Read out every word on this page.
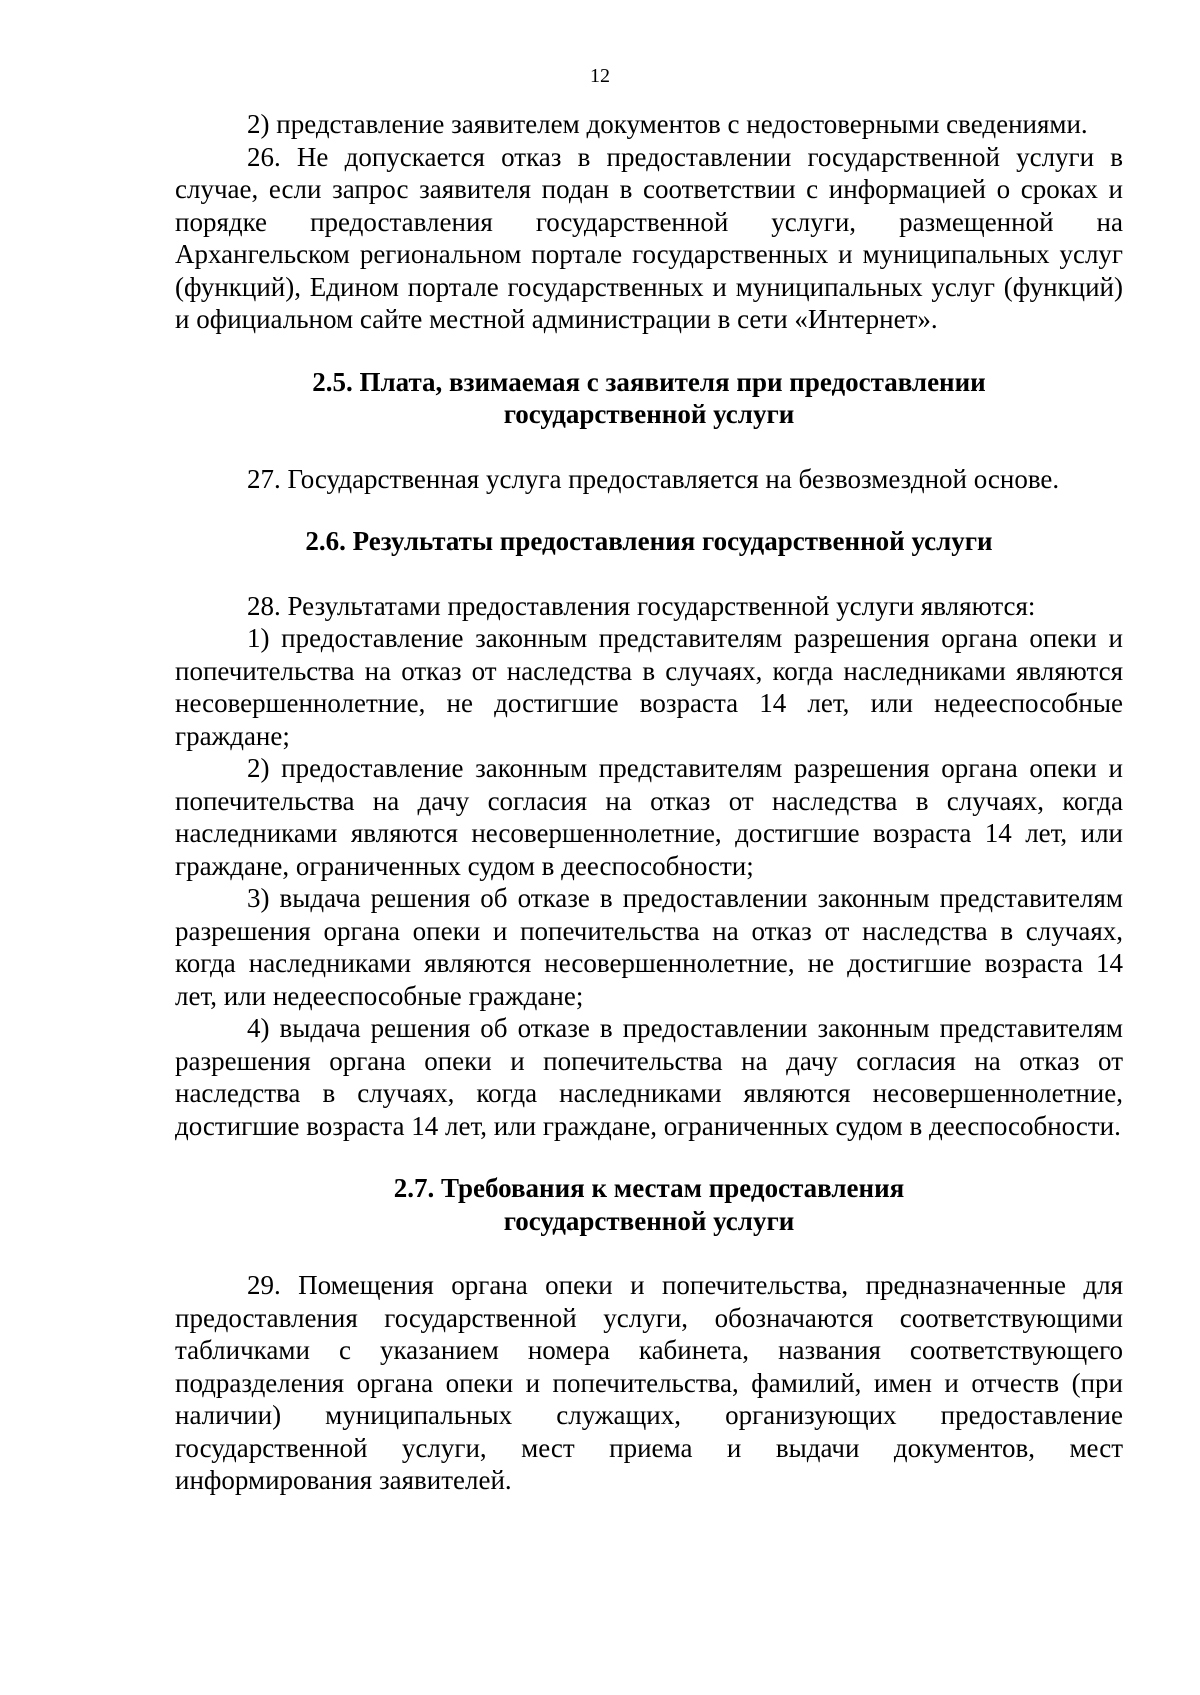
12

2) представление заявителем документов с недостоверными сведениями.

26. Не допускается отказ в предоставлении государственной услуги в случае, если запрос заявителя подан в соответствии с информацией о сроках и порядке предоставления государственной услуги, размещенной на Архангельском региональном портале государственных и муниципальных услуг (функций), Едином портале государственных и муниципальных услуг (функций) и официальном сайте местной администрации в сети «Интернет».

2.5. Плата, взимаемая с заявителя при предоставлении
государственной услуги

27. Государственная услуга предоставляется на безвозмездной основе.

2.6. Результаты предоставления государственной услуги

28. Результатами предоставления государственной услуги являются:

1) предоставление законным представителям разрешения органа опеки и попечительства на отказ от наследства в случаях, когда наследниками являются несовершеннолетние, не достигшие возраста 14 лет, или недееспособные граждане;

2) предоставление законным представителям разрешения органа опеки и попечительства на дачу согласия на отказ от наследства в случаях, когда наследниками являются несовершеннолетние, достигшие возраста 14 лет, или граждане, ограниченных судом в дееспособности;

3) выдача решения об отказе в предоставлении законным представителям разрешения органа опеки и попечительства на отказ от наследства в случаях, когда наследниками являются несовершеннолетние, не достигшие возраста 14 лет, или недееспособные граждане;

4) выдача решения об отказе в предоставлении законным представителям разрешения органа опеки и попечительства на дачу согласия на отказ от наследства в случаях, когда наследниками являются несовершеннолетние, достигшие возраста 14 лет, или граждане, ограниченных судом в дееспособности.

2.7. Требования к местам предоставления
государственной услуги

29. Помещения органа опеки и попечительства, предназначенные для предоставления государственной услуги, обозначаются соответствующими табличками с указанием номера кабинета, названия соответствующего подразделения органа опеки и попечительства, фамилий, имен и отчеств (при наличии) муниципальных служащих, организующих предоставление государственной услуги, мест приема и выдачи документов, мест информирования заявителей.
